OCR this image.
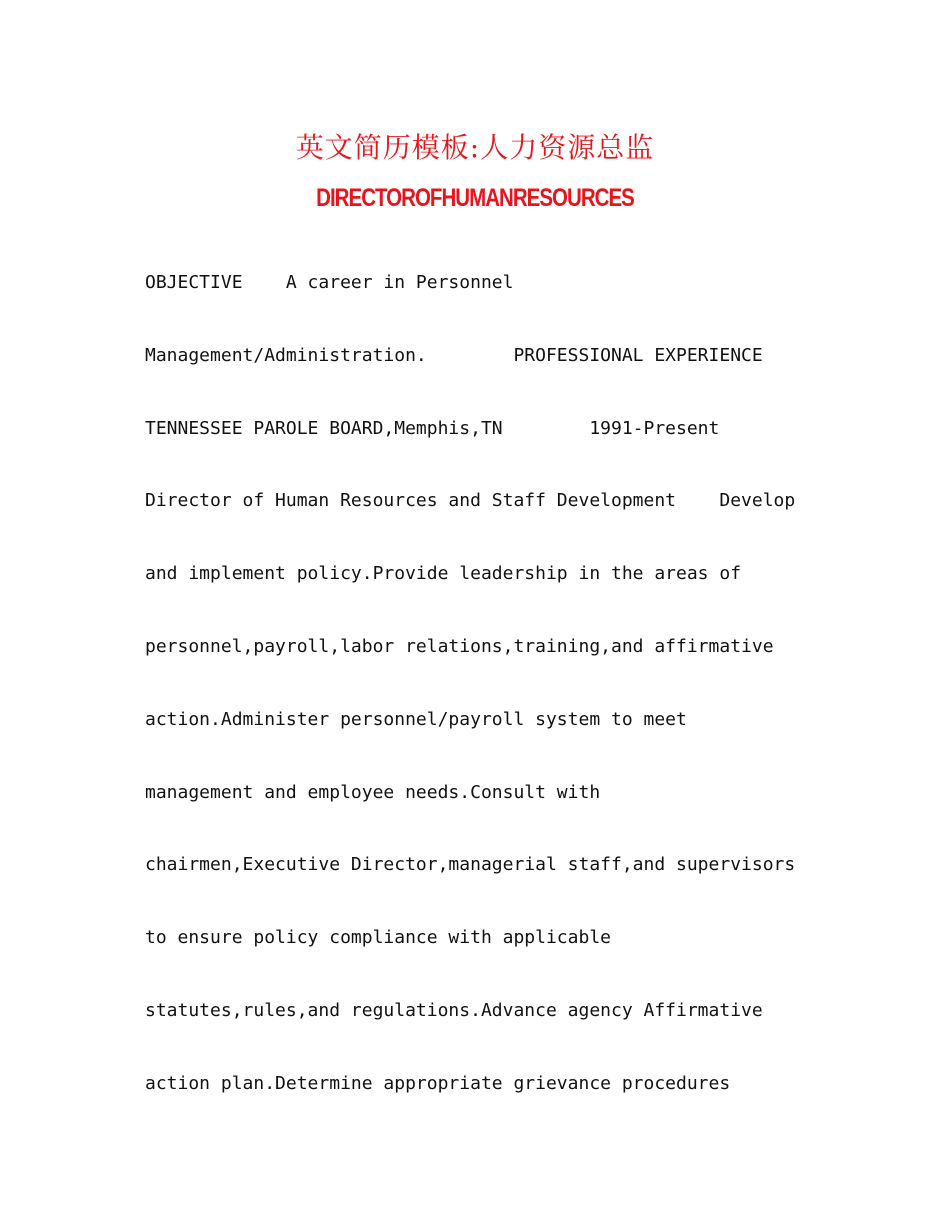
英文简历模板:人力资源总监
DIRECTOROFHUMANRESOURCES
OBJECTIVE    A career in Personnel
Management/Administration.        PROFESSIONAL EXPERIENCE
TENNESSEE PAROLE BOARD,Memphis,TN        1991-Present
Director of Human Resources and Staff Development    Develop
and implement policy.Provide leadership in the areas of
personnel,payroll,labor relations,training,and affirmative
action.Administer personnel/payroll system to meet
management and employee needs.Consult with
chairmen,Executive Director,managerial staff,and supervisors
to ensure policy compliance with applicable
statutes,rules,and regulations.Advance agency Affirmative
action plan.Determine appropriate grievance procedures
